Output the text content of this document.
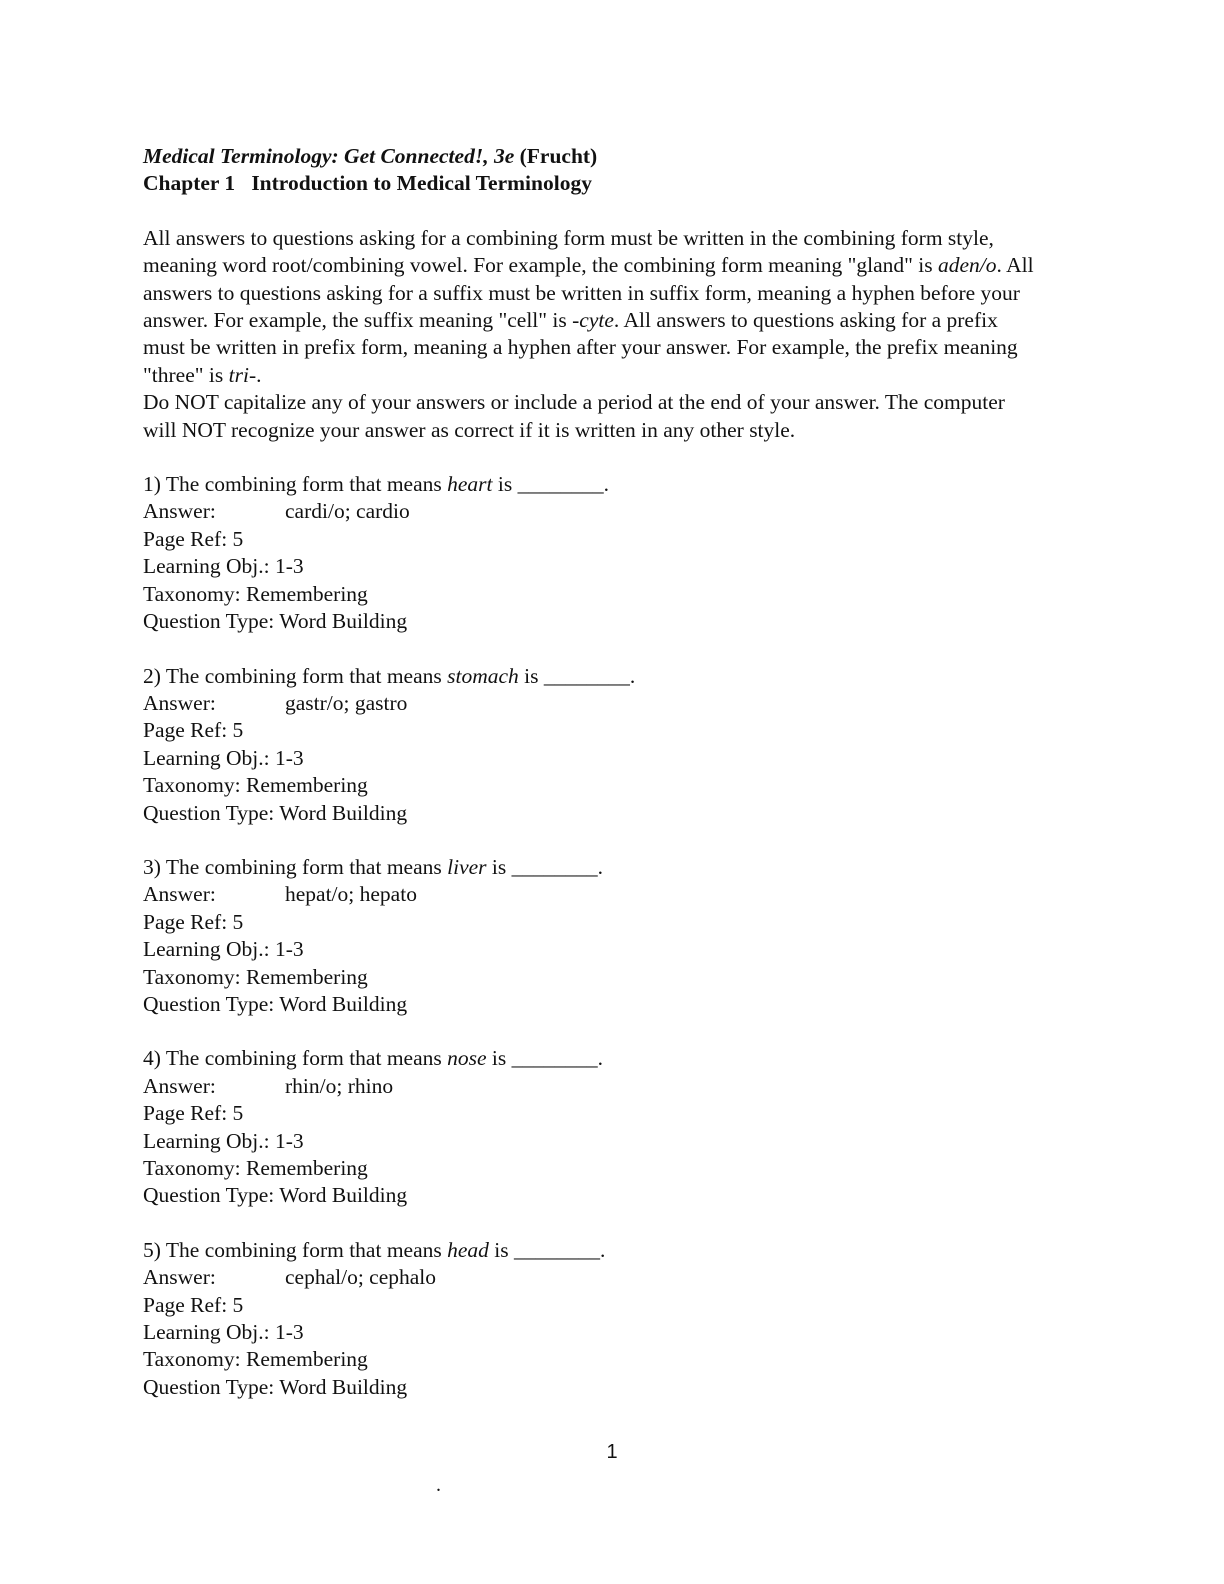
Medical Terminology: Get Connected!, 3e (Frucht)
Chapter 1 Introduction to Medical Terminology
All answers to questions asking for a combining form must be written in the combining form style, meaning word root/combining vowel. For example, the combining form meaning "gland" is aden/o. All answers to questions asking for a suffix must be written in suffix form, meaning a hyphen before your answer. For example, the suffix meaning "cell" is -cyte. All answers to questions asking for a prefix must be written in prefix form, meaning a hyphen after your answer. For example, the prefix meaning "three" is tri-.
Do NOT capitalize any of your answers or include a period at the end of your answer. The computer will NOT recognize your answer as correct if it is written in any other style.
1) The combining form that means heart is ________.
Answer:	cardi/o; cardio
Page Ref: 5
Learning Obj.: 1-3
Taxonomy: Remembering
Question Type: Word Building
2) The combining form that means stomach is ________.
Answer:	gastr/o; gastro
Page Ref: 5
Learning Obj.: 1-3
Taxonomy: Remembering
Question Type: Word Building
3) The combining form that means liver is ________.
Answer:	hepat/o; hepato
Page Ref: 5
Learning Obj.: 1-3
Taxonomy: Remembering
Question Type: Word Building
4) The combining form that means nose is ________.
Answer:	rhin/o; rhino
Page Ref: 5
Learning Obj.: 1-3
Taxonomy: Remembering
Question Type: Word Building
5) The combining form that means head is ________.
Answer:	cephal/o; cephalo
Page Ref: 5
Learning Obj.: 1-3
Taxonomy: Remembering
Question Type: Word Building
1
.
